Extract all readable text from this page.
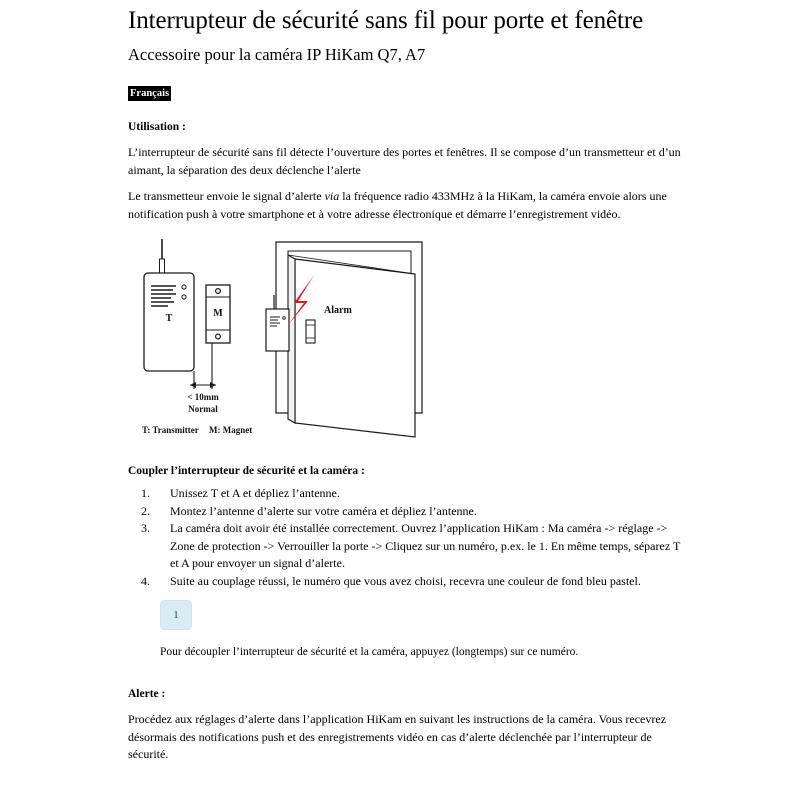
Interrupteur de sécurité sans fil pour porte et fenêtre
Accessoire pour la caméra IP HiKam Q7, A7
Français
Utilisation :

L’interrupteur de sécurité sans fil détecte l’ouverture des portes et fenêtres. Il se compose d’un transmetteur et d’un aimant, la séparation des deux déclenche l’alerte

Le transmetteur envoie le signal d’alerte via la fréquence radio 433MHz à la HiKam, la caméra envoie alors une notification push à votre smartphone et à votre adresse électronique et démarre l’enregistrement vidéo.

T	M
< 10mm
Normal
T: Transmitter M: Magnet
Alarm
Coupler l’interrupteur de sécurité et la caméra :
1.	Unissez T et A et dépliez l’antenne.
2.	Montez l’antenne d’alerte sur votre caméra et dépliez l’antenne.
3.	La caméra doit avoir été installée correctement. Ouvrez l’application HiKam : Ma caméra -> réglage -> Zone de protection -> Verrouiller la porte -> Cliquez sur un numéro, p.ex. le 1. En même temps, séparez T et A pour envoyer un signal d’alerte.
4.	Suite au couplage réussi, le numéro que vous avez choisi, recevra une couleur de fond bleu pastel.
1

Pour découpler l’interrupteur de sécurité et la caméra, appuyez (longtemps) sur ce numéro.

Alerte :

Procédez aux réglages d’alerte dans l’application HiKam en suivant les instructions de la caméra. Vous recevrez désormais des notifications push et des enregistrements vidéo en cas d’alerte déclenchée par l’interrupteur de sécurité.
